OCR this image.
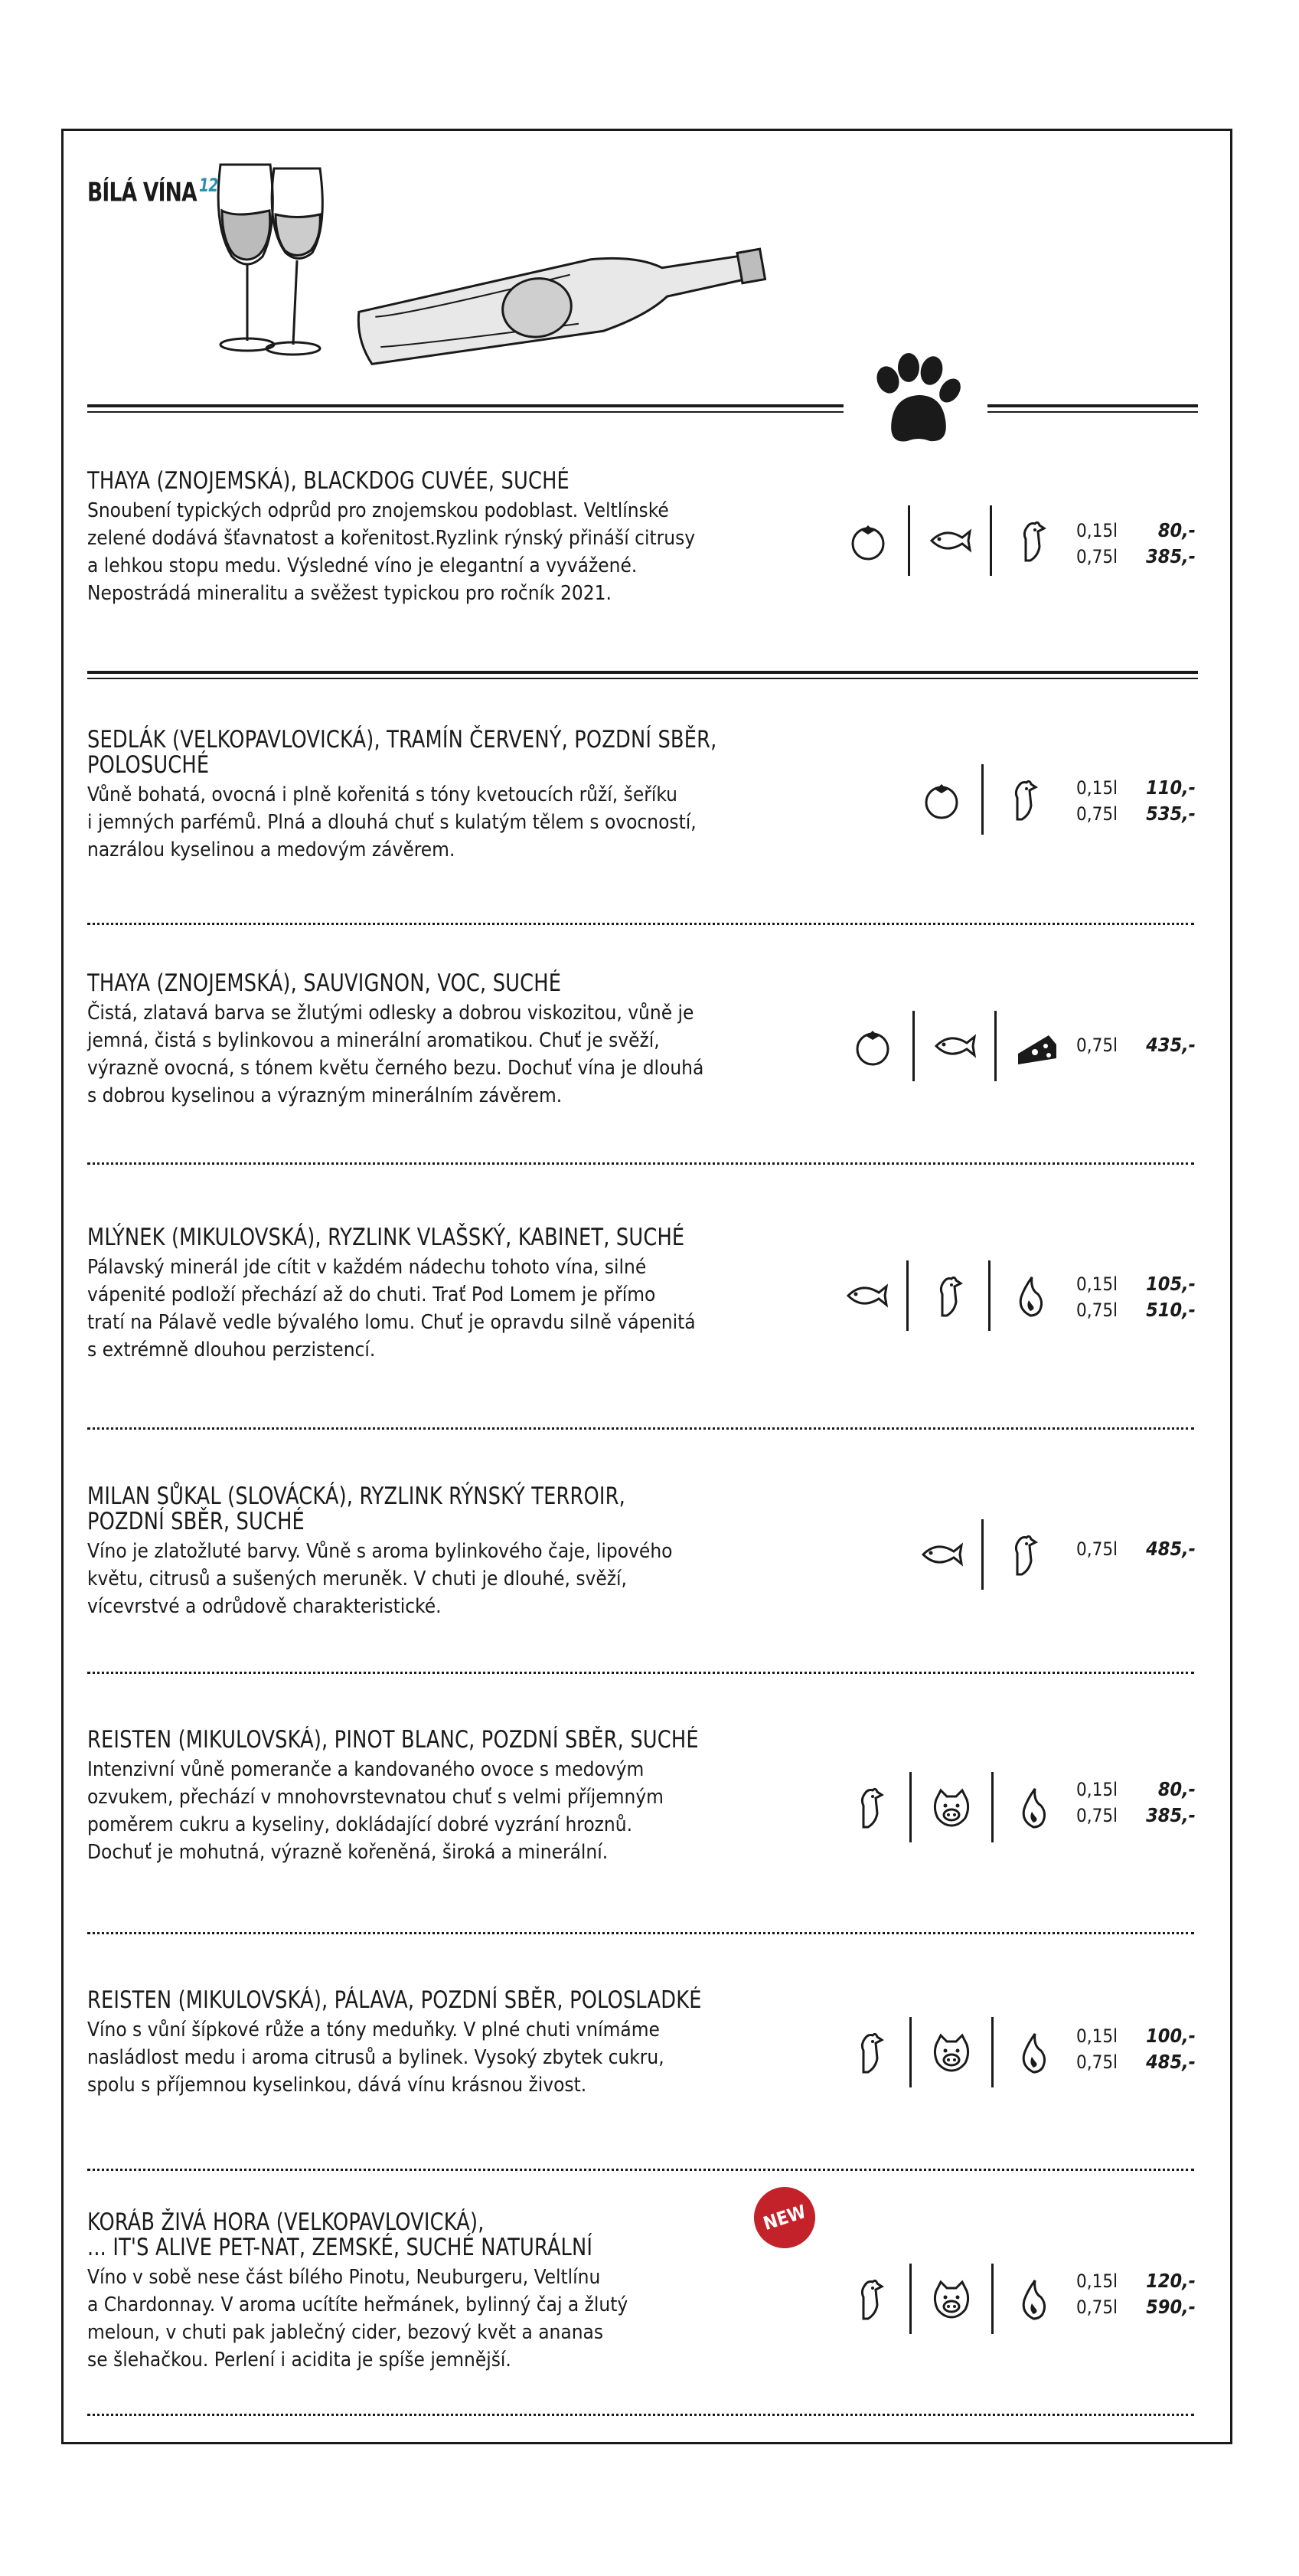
BÍLÁ VÍNA $^{12}$
THAYA (ZNOJEMSKÁ), BLACKDOG CUVÉE, SUCHÉ
Snoubení typických odprůd pro znojemskou podoblast. Veltlínské
zelené dodává šťavnatost a kořenitost.Ryzlink rýnský přináší citrusy
a lehkou stopu medu. Výsledné víno je elegantní a vyvážené.
Nepostrádá mineralitu a svěžest typickou pro ročník 2021.
0,15l	80,-
0,75l	385,-
SEDLÁK (VELKOPAVLOVICKÁ), TRAMÍN ČERVENÝ, POZDNÍ SBĚR,
POLOSUCHÉ
Vůně bohatá, ovocná i plně kořenitá s tóny kvetoucích růží, šeříku
i jemných parfémů. Plná a dlouhá chuť s kulatým tělem s ovocností,
nazrálou kyselinou a medovým závěrem.
0,15l	110,-
0,75l	535,-
THAYA (ZNOJEMSKÁ), SAUVIGNON, VOC, SUCHÉ
Čistá, zlatavá barva se žlutými odlesky a dobrou viskozitou, vůně je
jemná, čistá s bylinkovou a minerální aromatikou. Chuť je svěží,
výrazně ovocná, s tónem květu černého bezu. Dochuť vína je dlouhá
s dobrou kyselinou a výrazným minerálním závěrem.
0,75l	435,-
MLÝNEK (MIKULOVSKÁ), RYZLINK VLAŠSKÝ, KABINET, SUCHÉ
Pálavský minerál jde cítit v každém nádechu tohoto vína, silné
vápenité podloží přechází až do chuti. Trať Pod Lomem je přímo
tratí na Pálavě vedle bývalého lomu. Chuť je opravdu silně vápenitá
s extrémně dlouhou perzistencí.
0,15l	105,-
0,75l	510,-
MILAN SŮKAL (SLOVÁCKÁ), RYZLINK RÝNSKÝ TERROIR,
POZDNÍ SBĚR, SUCHÉ
Víno je zlatožluté barvy. Vůně s aroma bylinkového čaje, lipového
květu, citrusů a sušených meruněk. V chuti je dlouhé, svěží,
vícevrstvé a odrůdově charakteristické.
0,75l	485,-
REISTEN (MIKULOVSKÁ), PINOT BLANC, POZDNÍ SBĚR, SUCHÉ
Intenzivní vůně pomeranče a kandovaného ovoce s medovým
ozvukem, přechází v mnohovrstevnatou chuť s velmi příjemným
poměrem cukru a kyseliny, dokládající dobré vyzrání hroznů.
Dochuť je mohutná, výrazně kořeněná, široká a minerální.
0,15l	80,-
0,75l	385,-
REISTEN (MIKULOVSKÁ), PÁLAVA, POZDNÍ SBĚR, POLOSLADKÉ
Víno s vůní šípkové růže a tóny meduňky. V plné chuti vnímáme
nasládlost medu i aroma citrusů a bylinek. Vysoký zbytek cukru,
spolu s příjemnou kyselinkou, dává vínu krásnou živost.
0,15l	100,-
0,75l	485,-
KORÁB ŽIVÁ HORA (VELKOPAVLOVICKÁ),
... IT'S ALIVE PET-NAT, ZEMSKÉ, SUCHÉ NATURÁLNÍ
Víno v sobě nese část bílého Pinotu, Neuburgeru, Veltlínu
a Chardonnay. V aroma ucítíte heřmánek, bylinný čaj a žlutý
meloun, v chuti pak jablečný cider, bezový květ a ananas
se šlehačkou. Perlení i acidita je spíše jemnější.
NEW
0,15l	120,-
0,75l	590,-
